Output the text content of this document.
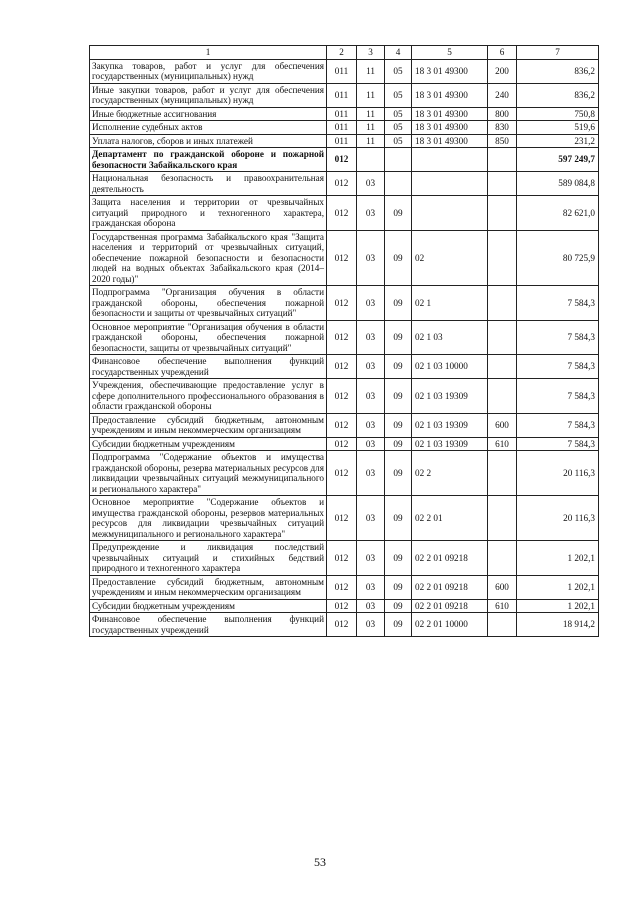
1	2	3	4	5	6	7
Закупка товаров, работ и услуг для обеспечения государственных (муниципальных) нужд	011	11	05	18 3 01 49300	200	836,2
Иные закупки товаров, работ и услуг для обеспечения государственных (муниципальных) нужд	011	11	05	18 3 01 49300	240	836,2
Иные бюджетные ассигнования	011	11	05	18 3 01 49300	800	750,8
Исполнение судебных актов	011	11	05	18 3 01 49300	830	519,6
Уплата налогов, сборов и иных платежей	011	11	05	18 3 01 49300	850	231,2
Департамент по гражданской обороне и пожарной безопасности Забайкальского края	012					597 249,7
Национальная безопасность и правоохранительная деятельность	012	03				589 084,8
Защита населения и территории от чрезвычайных ситуаций природного и техногенного характера, гражданская оборона	012	03	09			82 621,0
Государственная программа Забайкальского края "Защита населения и территорий от чрезвычайных ситуаций, обеспечение пожарной безопасности и безопасности людей на водных объектах Забайкальского края (2014–2020 годы)"	012	03	09	02		80 725,9
Подпрограмма "Организация обучения в области гражданской обороны, обеспечения пожарной безопасности и защиты от чрезвычайных ситуаций"	012	03	09	02 1		7 584,3
Основное мероприятие "Организация обучения в области гражданской обороны, обеспечения пожарной безопасности, защиты от чрезвычайных ситуаций"	012	03	09	02 1 03		7 584,3
Финансовое обеспечение выполнения функций государственных учреждений	012	03	09	02 1 03 10000		7 584,3
Учреждения, обеспечивающие предоставление услуг в сфере дополнительного профессионального образования в области гражданской обороны	012	03	09	02 1 03 19309		7 584,3
Предоставление субсидий бюджетным, автономным учреждениям и иным некоммерческим организациям	012	03	09	02 1 03 19309	600	7 584,3
Субсидии бюджетным учреждениям	012	03	09	02 1 03 19309	610	7 584,3
Подпрограмма "Содержание объектов и имущества гражданской обороны, резерва материальных ресурсов для ликвидации чрезвычайных ситуаций межмуниципального и регионального характера"	012	03	09	02 2		20 116,3
Основное мероприятие "Содержание объектов и имущества гражданской обороны, резервов материальных ресурсов для ликвидации чрезвычайных ситуаций межмуниципального и регионального характера"	012	03	09	02 2 01		20 116,3
Предупреждение и ликвидация последствий чрезвычайных ситуаций и стихийных бедствий природного и техногенного характера	012	03	09	02 2 01 09218		1 202,1
Предоставление субсидий бюджетным, автономным учреждениям и иным некоммерческим организациям	012	03	09	02 2 01 09218	600	1 202,1
Субсидии бюджетным учреждениям	012	03	09	02 2 01 09218	610	1 202,1
Финансовое обеспечение выполнения функций государственных учреждений	012	03	09	02 2 01 10000		18 914,2
53
